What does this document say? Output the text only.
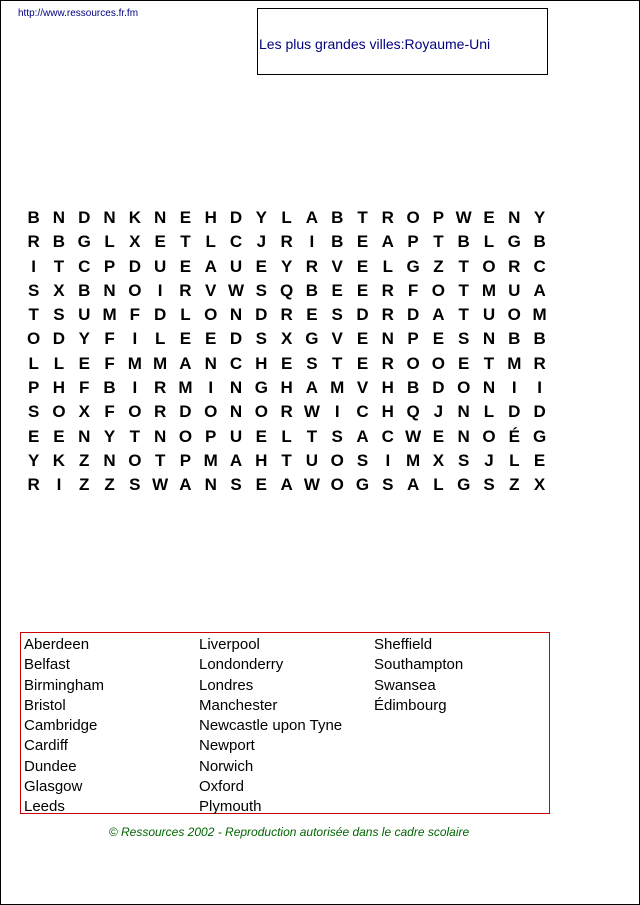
http://www.ressources.fr.fm
Les plus grandes villes:Royaume-Uni
B N D N K N E H D Y L A B T R O P W E N Y
R B G L X E T L C J R I B E A P T B L G B
I	T C P D U E A U E Y R V E L G Z T O R C
S X B N O I R V W S Q B E E R F O T M U A
T S U M F D L O N D R E S D R D A T U O M
O D Y F	I	L E E D S X G V E N P E S N B B
L L E F M M A N C H E S T E R O O E T M R
P H F B I R M I N G H A M V H B D O N I	I
S O X F O R D O N O R W I C H Q J N L D D
E E N Y T N O P U E L T S A C W E N O É G
Y K Z N O T P M A H T U O S	I M X S J L E
R I	Z Z S W A N S E A W O G S A L G S Z X
Aberdeen
Belfast
Birmingham
Bristol
Cambridge
Cardiff
Dundee
Glasgow
Leeds
Liverpool
Londonderry
Londres
Manchester
Newcastle upon Tyne
Newport
Norwich
Oxford
Plymouth
Sheffield
Southampton
Swansea
Édimbourg
© Ressources 2002 - Reproduction autorisée dans le cadre scolaire
